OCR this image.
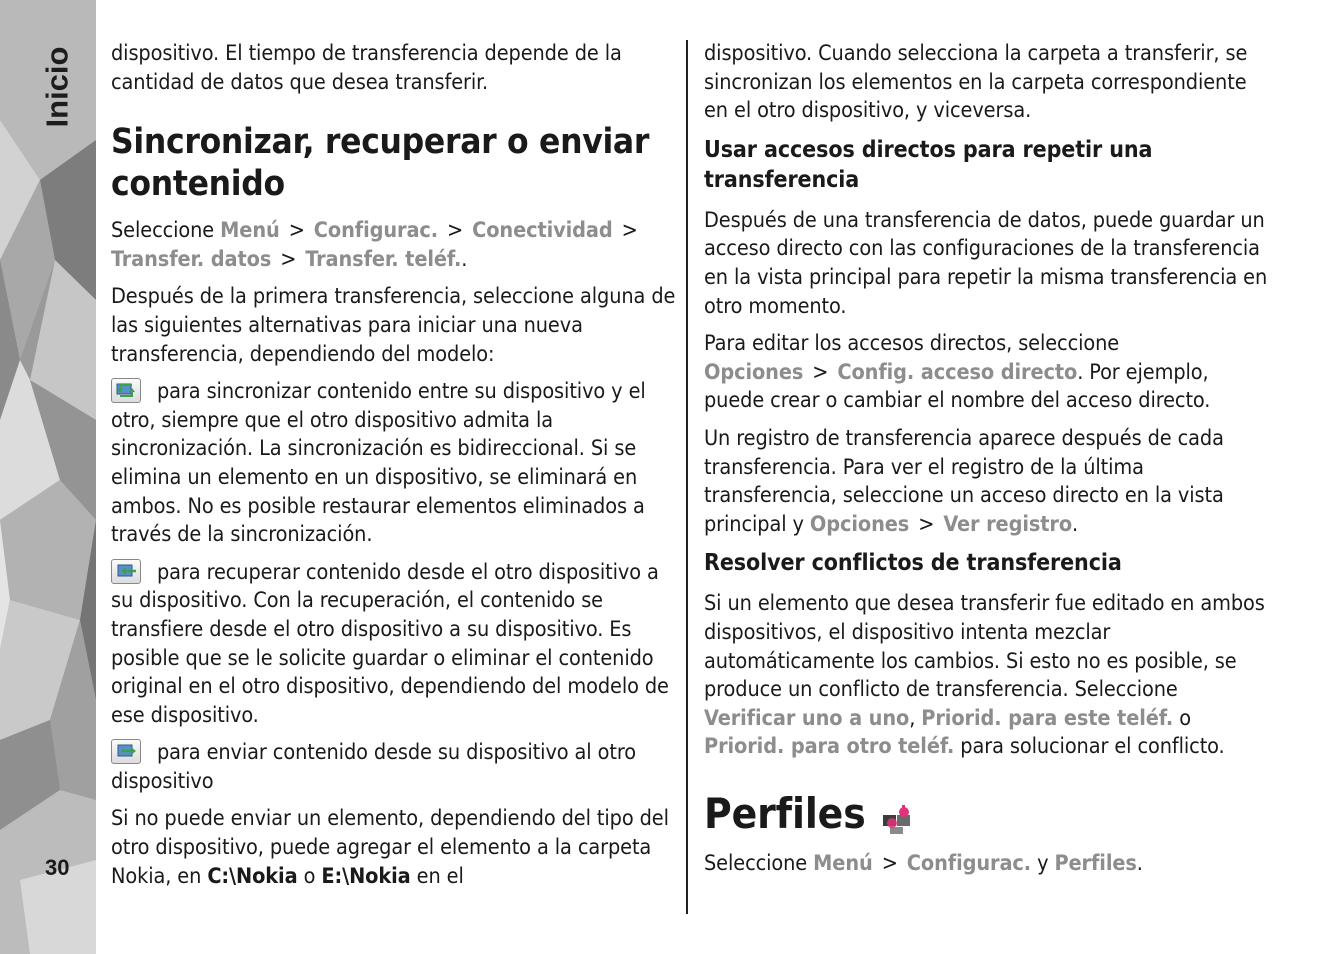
Inicio
30

dispositivo. El tiempo de transferencia depende de la cantidad de datos que desea transferir.

Sincronizar, recuperar o enviar contenido

Seleccione Menú > Configurac. > Conectividad > Transfer. datos > Transfer. teléf..

Después de la primera transferencia, seleccione alguna de las siguientes alternativas para iniciar una nueva transferencia, dependiendo del modelo:

para sincronizar contenido entre su dispositivo y el otro, siempre que el otro dispositivo admita la sincronización. La sincronización es bidireccional. Si se elimina un elemento en un dispositivo, se eliminará en ambos. No es posible restaurar elementos eliminados a través de la sincronización.

para recuperar contenido desde el otro dispositivo a su dispositivo. Con la recuperación, el contenido se transfiere desde el otro dispositivo a su dispositivo. Es posible que se le solicite guardar o eliminar el contenido original en el otro dispositivo, dependiendo del modelo de ese dispositivo.

para enviar contenido desde su dispositivo al otro dispositivo

Si no puede enviar un elemento, dependiendo del tipo del otro dispositivo, puede agregar el elemento a la carpeta Nokia, en C:\Nokia o E:\Nokia en el

dispositivo. Cuando selecciona la carpeta a transferir, se sincronizan los elementos en la carpeta correspondiente en el otro dispositivo, y viceversa.

Usar accesos directos para repetir una transferencia

Después de una transferencia de datos, puede guardar un acceso directo con las configuraciones de la transferencia en la vista principal para repetir la misma transferencia en otro momento.

Para editar los accesos directos, seleccione Opciones > Config. acceso directo. Por ejemplo, puede crear o cambiar el nombre del acceso directo.

Un registro de transferencia aparece después de cada transferencia. Para ver el registro de la última transferencia, seleccione un acceso directo en la vista principal y Opciones > Ver registro.

Resolver conflictos de transferencia

Si un elemento que desea transferir fue editado en ambos dispositivos, el dispositivo intenta mezclar automáticamente los cambios. Si esto no es posible, se produce un conflicto de transferencia. Seleccione Verificar uno a uno, Priorid. para este teléf. o Priorid. para otro teléf. para solucionar el conflicto.

Perfiles

Seleccione Menú > Configurac. y Perfiles.
